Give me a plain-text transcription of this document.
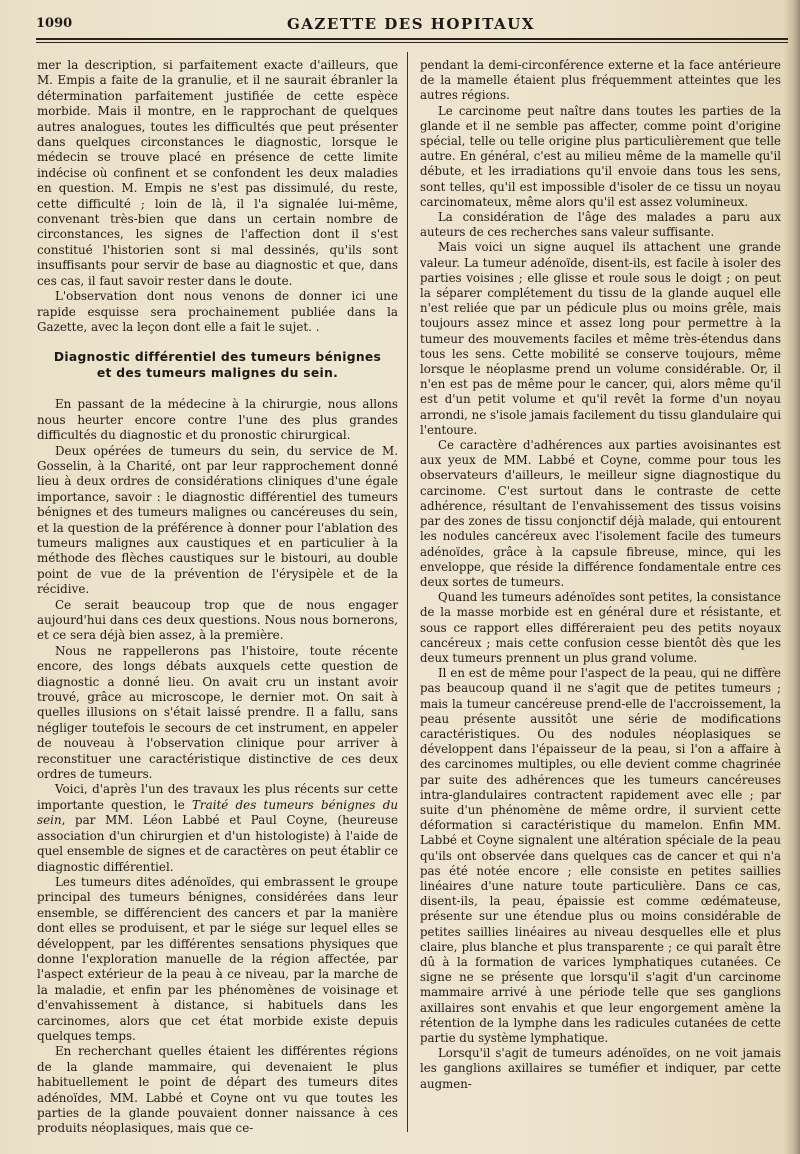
GAZETTE DES HOPITAUX
1090

mer la description, si parfaitement exacte d'ailleurs, que M. Empis a faite de la granulie, et il ne saurait ébranler la détermination parfaitement justifiée de cette espèce morbide. Mais il montre, en le rapprochant de quelques autres analogues, toutes les difficultés que peut présenter dans quelques circonstances le diagnostic, lorsque le médecin se trouve placé en présence de cette limite indécise où confinent et se confondent les deux maladies en question. M. Empis ne s'est pas dissimulé, du reste, cette difficulté ; loin de là, il l'a signalée lui-même, convenant très-bien que dans un certain nombre de circonstances, les signes de l'affection dont il s'est constitué l'historien sont si mal dessinés, qu'ils sont insuffisants pour servir de base au diagnostic et que, dans ces cas, il faut savoir rester dans le doute.

L'observation dont nous venons de donner ici une rapide esquisse sera prochainement publiée dans la Gazette, avec la leçon dont elle a fait le sujet. .

Diagnostic différentiel des tumeurs bénignes
et des tumeurs malignes du sein.

En passant de la médecine à la chirurgie, nous allons nous heurter encore contre l'une des plus grandes difficultés du diagnostic et du pronostic chirurgical.

Deux opérées de tumeurs du sein, du service de M. Gosselin, à la Charité, ont par leur rapprochement donné lieu à deux ordres de considérations cliniques d'une égale importance, savoir : le diagnostic différentiel des tumeurs bénignes et des tumeurs malignes ou cancéreuses du sein, et la question de la préférence à donner pour l'ablation des tumeurs malignes aux caustiques et en particulier à la méthode des flèches caustiques sur le bistouri, au double point de vue de la prévention de l'érysipèle et de la récidive.

Ce serait beaucoup trop que de nous engager aujourd'hui dans ces deux questions. Nous nous bornerons, et ce sera déjà bien assez, à la première.

Nous ne rappellerons pas l'histoire, toute récente encore, des longs débats auxquels cette question de diagnostic a donné lieu. On avait cru un instant avoir trouvé, grâce au microscope, le dernier mot. On sait à quelles illusions on s'était laissé prendre. Il a fallu, sans négliger toutefois le secours de cet instrument, en appeler de nouveau à l'observation clinique pour arriver à reconstituer une caractéristique distinctive de ces deux ordres de tumeurs.

Voici, d'après l'un des travaux les plus récents sur cette importante question, le Traité des tumeurs bénignes du sein, par MM. Léon Labbé et Paul Coyne, (heureuse association d'un chirurgien et d'un histologiste) à l'aide de quel ensemble de signes et de caractères on peut établir ce diagnostic différentiel.

Les tumeurs dites adénoïdes, qui embrassent le groupe principal des tumeurs bénignes, considérées dans leur ensemble, se différencient des cancers et par la manière dont elles se produisent, et par le siége sur lequel elles se développent, par les différentes sensations physiques que donne l'exploration manuelle de la région affectée, par l'aspect extérieur de la peau à ce niveau, par la marche de la maladie, et enfin par les phénomènes de voisinage et d'envahissement à distance, si habituels dans les carcinomes, alors que cet état morbide existe depuis quelques temps.

En recherchant quelles étaient les différentes régions de la glande mammaire, qui devenaient le plus habituellement le point de départ des tumeurs dites adénoïdes, MM. Labbé et Coyne ont vu que toutes les parties de la glande pouvaient donner naissance à ces produits néoplasiques, mais que ce-

pendant la demi-circonférence externe et la face antérieure de la mamelle étaient plus fréquemment atteintes que les autres régions.

Le carcinome peut naître dans toutes les parties de la glande et il ne semble pas affecter, comme point d'origine spécial, telle ou telle origine plus particulièrement que telle autre. En général, c'est au milieu même de la mamelle qu'il débute, et les irradiations qu'il envoie dans tous les sens, sont telles, qu'il est impossible d'isoler de ce tissu un noyau carcinomateux, même alors qu'il est assez volumineux.

La considération de l'âge des malades a paru aux auteurs de ces recherches sans valeur suffisante.

Mais voici un signe auquel ils attachent une grande valeur. La tumeur adénoïde, disent-ils, est facile à isoler des parties voisines ; elle glisse et roule sous le doigt ; on peut la séparer complétement du tissu de la glande auquel elle n'est reliée que par un pédicule plus ou moins grêle, mais toujours assez mince et assez long pour permettre à la tumeur des mouvements faciles et même très-étendus dans tous les sens. Cette mobilité se conserve toujours, même lorsque le néoplasme prend un volume considérable. Or, il n'en est pas de même pour le cancer, qui, alors même qu'il est d'un petit volume et qu'il revêt la forme d'un noyau arrondi, ne s'isole jamais facilement du tissu glandulaire qui l'entoure.

Ce caractère d'adhérences aux parties avoisinantes est aux yeux de MM. Labbé et Coyne, comme pour tous les observateurs d'ailleurs, le meilleur signe diagnostique du carcinome. C'est surtout dans le contraste de cette adhérence, résultant de l'envahissement des tissus voisins par des zones de tissu conjonctif déjà malade, qui entourent les nodules cancéreux avec l'isolement facile des tumeurs adénoïdes, grâce à la capsule fibreuse, mince, qui les enveloppe, que réside la différence fondamentale entre ces deux sortes de tumeurs.

Quand les tumeurs adénoïdes sont petites, la consistance de la masse morbide est en général dure et résistante, et sous ce rapport elles différeraient peu des petits noyaux cancéreux ; mais cette confusion cesse bientôt dès que les deux tumeurs prennent un plus grand volume.

Il en est de même pour l'aspect de la peau, qui ne diffère pas beaucoup quand il ne s'agit que de petites tumeurs ; mais la tumeur cancéreuse prend-elle de l'accroissement, la peau présente aussitôt une série de modifications caractéristiques. Ou des nodules néoplasiques se développent dans l'épaisseur de la peau, si l'on a affaire à des carcinomes multiples, ou elle devient comme chagrinée par suite des adhérences que les tumeurs cancéreuses intra-glandulaires contractent rapidement avec elle ; par suite d'un phénomène de même ordre, il survient cette déformation si caractéristique du mamelon. Enfin MM. Labbé et Coyne signalent une altération spéciale de la peau qu'ils ont observée dans quelques cas de cancer et qui n'a pas été notée encore ; elle consiste en petites saillies linéaires d'une nature toute particulière. Dans ce cas, disent-ils, la peau, épaissie est comme œdémateuse, présente sur une étendue plus ou moins considérable de petites saillies linéaires au niveau desquelles elle et plus claire, plus blanche et plus transparente ; ce qui paraît être dû à la formation de varices lymphatiques cutanées. Ce signe ne se présente que lorsqu'il s'agit d'un carcinome mammaire arrivé à une période telle que ses ganglions axillaires sont envahis et que leur engorgement amène la rétention de la lymphe dans les radicules cutanées de cette partie du système lymphatique.

Lorsqu'il s'agit de tumeurs adénoïdes, on ne voit jamais les ganglions axillaires se tuméfier et indiquer, par cette augmen-
